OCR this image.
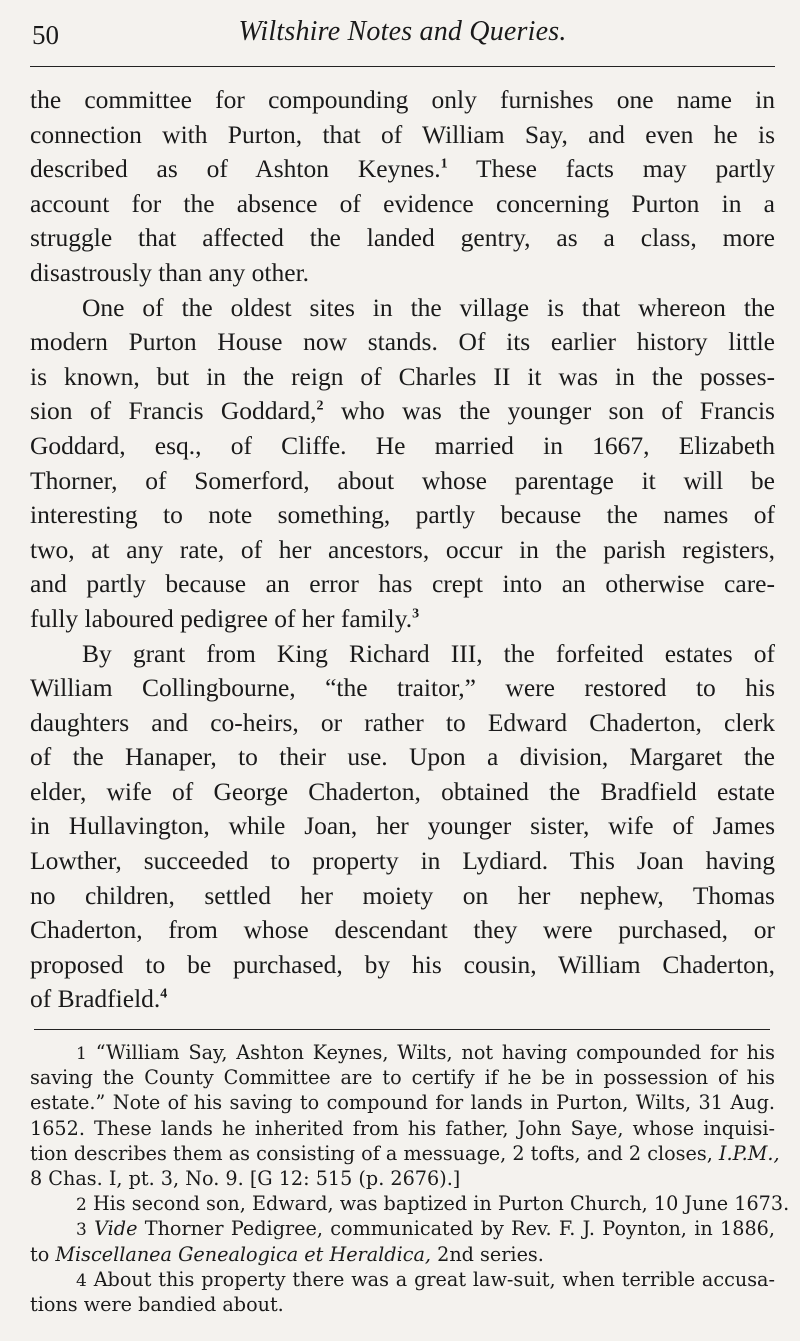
50	Wiltshire Notes and Queries.
the committee for compounding only furnishes one name in
connection with Purton, that of William Say, and even he is
described as of Ashton Keynes.$^1$ These facts may partly
account for the absence of evidence concerning Purton in a
struggle that affected the landed gentry, as a class, more
disastrously than any other.
One of the oldest sites in the village is that whereon the
modern Purton House now stands. Of its earlier history little
is known, but in the reign of Charles II it was in the posses-
sion of Francis Goddard,$^2$ who was the younger son of Francis
Goddard, esq., of Cliffe. He married in 1667, Elizabeth
Thorner, of Somerford, about whose parentage it will be
interesting to note something, partly because the names of
two, at any rate, of her ancestors, occur in the parish registers,
and partly because an error has crept into an otherwise care-
fully laboured pedigree of her family.$^3$
By grant from King Richard III, the forfeited estates of
William Collingbourne, “the traitor,” were restored to his
daughters and co-heirs, or rather to Edward Chaderton, clerk
of the Hanaper, to their use. Upon a division, Margaret the
elder, wife of George Chaderton, obtained the Bradfield estate
in Hullavington, while Joan, her younger sister, wife of James
Lowther, succeeded to property in Lydiard. This Joan having
no children, settled her moiety on her nephew, Thomas
Chaderton, from whose descendant they were purchased, or
proposed to be purchased, by his cousin, William Chaderton,
of Bradfield.$^4$
1 “William Say, Ashton Keynes, Wilts, not having compounded for his
saving the County Committee are to certify if he be in possession of his
estate.” Note of his saving to compound for lands in Purton, Wilts, 31 Aug.
1652. These lands he inherited from his father, John Saye, whose inquisi-
tion describes them as consisting of a messuage, 2 tofts, and 2 closes, I.P.M.,
8 Chas. I, pt. 3, No. 9. [G 12: 515 (p. 2676).]
2 His second son, Edward, was baptized in Purton Church, 10 June 1673.
3 Vide Thorner Pedigree, communicated by Rev. F. J. Poynton, in 1886,
to Miscellanea Genealogica et Heraldica, 2nd series.
4 About this property there was a great law-suit, when terrible accusa-
tions were bandied about.
